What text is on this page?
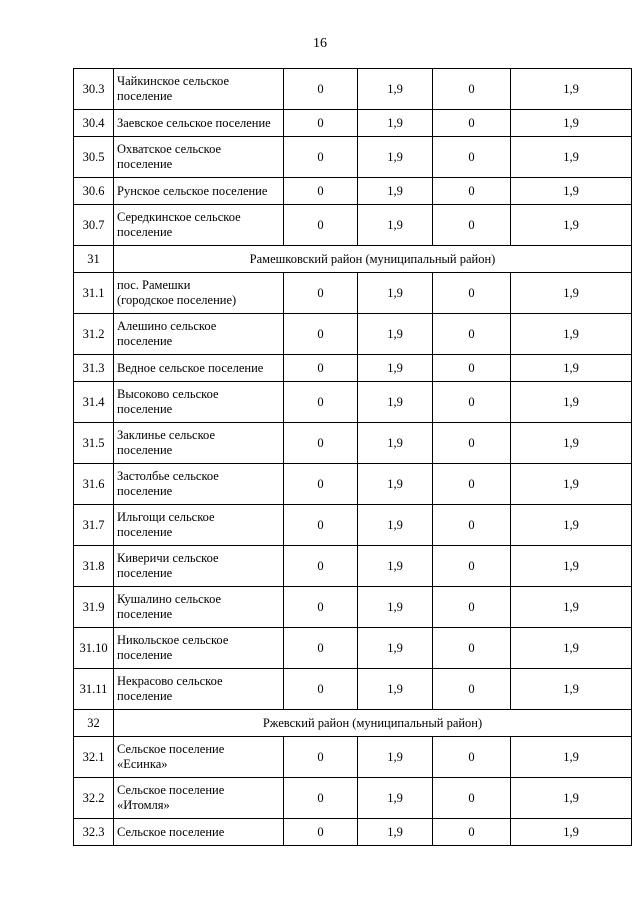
16
30.3	Чайкинское сельское
поселение	0	1,9	0	1,9
30.4	Заевское сельское поселение	0	1,9	0	1,9
30.5	Охватское сельское
поселение	0	1,9	0	1,9
30.6	Рунское сельское поселение	0	1,9	0	1,9
30.7	Середкинское сельское
поселение	0	1,9	0	1,9
31	Рамешковский район (муниципальный район)				
31.1	пос. Рамешки
(городское поселение)	0	1,9	0	1,9
31.2	Алешино сельское
поселение	0	1,9	0	1,9
31.3	Ведное сельское поселение	0	1,9	0	1,9
31.4	Высоково сельское
поселение	0	1,9	0	1,9
31.5	Заклинье сельское
поселение	0	1,9	0	1,9
31.6	Застолбье сельское
поселение	0	1,9	0	1,9
31.7	Ильгощи сельское
поселение	0	1,9	0	1,9
31.8	Киверичи сельское
поселение	0	1,9	0	1,9
31.9	Кушалино сельское
поселение	0	1,9	0	1,9
31.10	Никольское сельское
поселение	0	1,9	0	1,9
31.11	Некрасово сельское
поселение	0	1,9	0	1,9
32	Ржевский район (муниципальный район)				
32.1	Сельское поселение
«Есинка»	0	1,9	0	1,9
32.2	Сельское поселение
«Итомля»	0	1,9	0	1,9
32.3	Сельское поселение	0	1,9	0	1,9
